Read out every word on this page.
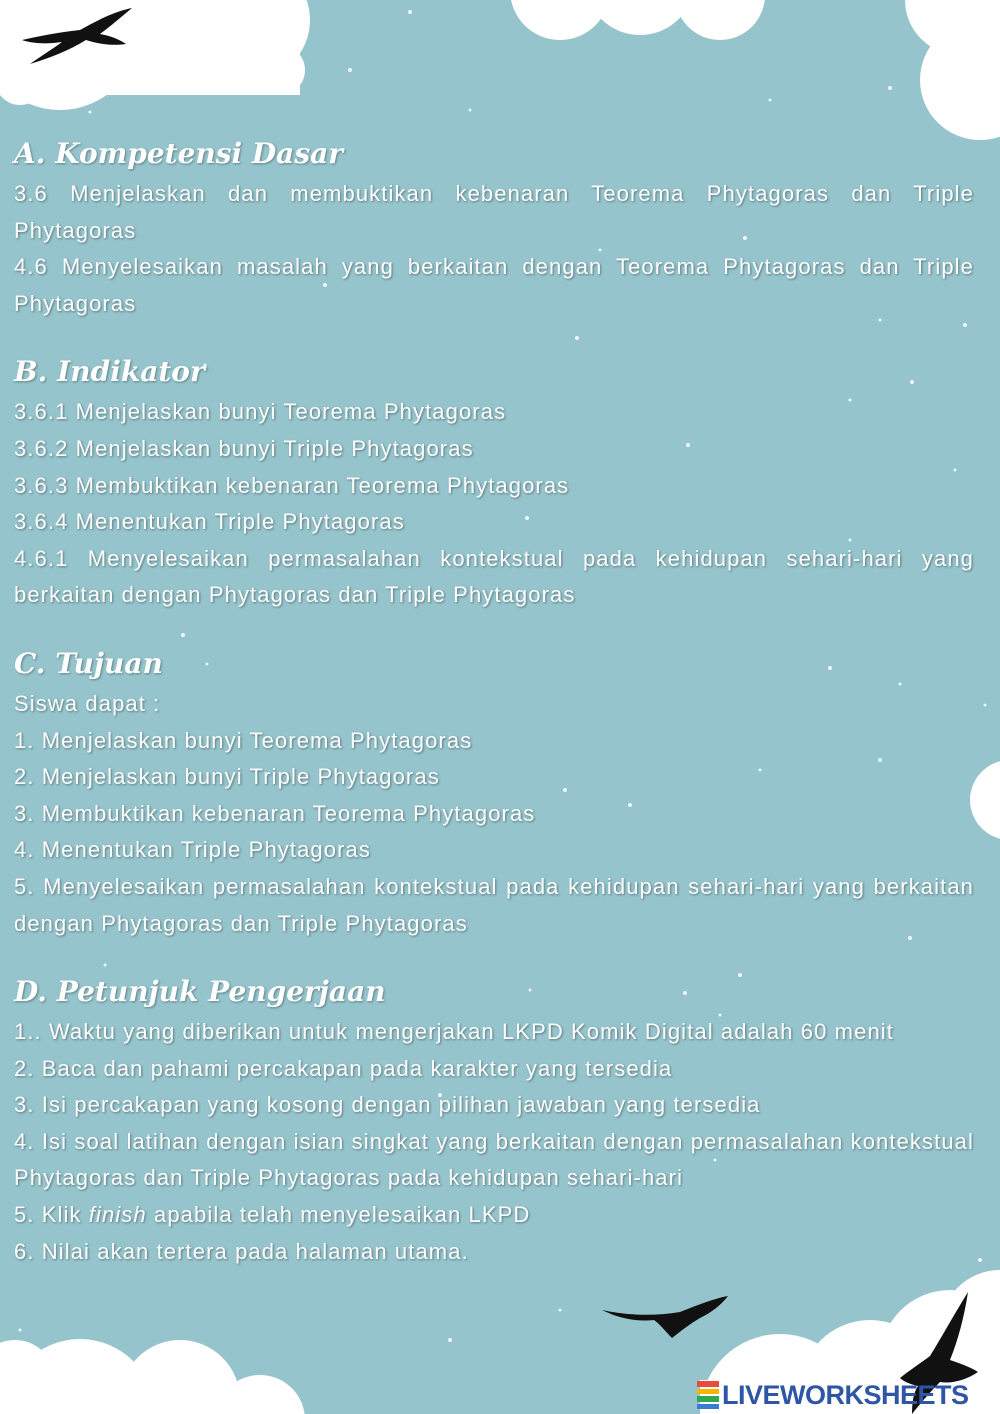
A. Kompetensi Dasar
3.6 Menjelaskan dan membuktikan kebenaran Teorema Phytagoras dan Triple Phytagoras
4.6 Menyelesaikan masalah yang berkaitan dengan Teorema Phytagoras dan Triple Phytagoras
B. Indikator
3.6.1 Menjelaskan bunyi Teorema Phytagoras
3.6.2 Menjelaskan bunyi Triple Phytagoras
3.6.3 Membuktikan kebenaran Teorema Phytagoras
3.6.4 Menentukan Triple Phytagoras
4.6.1 Menyelesaikan permasalahan kontekstual pada kehidupan sehari-hari yang berkaitan dengan Phytagoras dan Triple Phytagoras
C. Tujuan
Siswa dapat :
1. Menjelaskan bunyi Teorema Phytagoras
2. Menjelaskan bunyi Triple Phytagoras
3. Membuktikan kebenaran Teorema Phytagoras
4. Menentukan Triple Phytagoras
5. Menyelesaikan permasalahan kontekstual pada kehidupan sehari-hari yang berkaitan dengan Phytagoras dan Triple Phytagoras
D. Petunjuk Pengerjaan
1.. Waktu yang diberikan untuk mengerjakan LKPD Komik Digital adalah 60 menit
2. Baca dan pahami percakapan pada karakter yang tersedia
3. Isi percakapan yang kosong dengan pilihan jawaban yang tersedia
4. Isi soal latihan dengan isian singkat yang berkaitan dengan permasalahan kontekstual Phytagoras dan Triple Phytagoras pada kehidupan sehari-hari
5. Klik finish apabila telah menyelesaikan LKPD
6. Nilai akan tertera pada halaman utama.
LIVEWORKSHEETS
